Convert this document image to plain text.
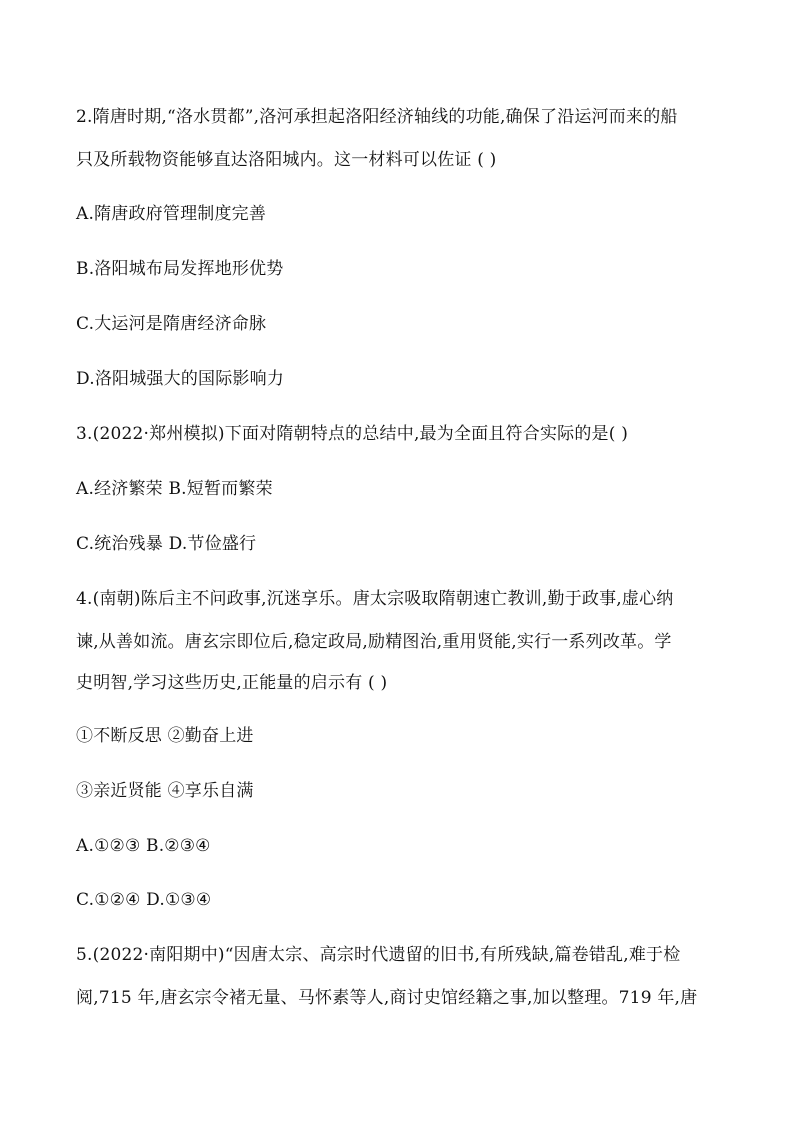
2.隋唐时期,“洛水贯都”,洛河承担起洛阳经济轴线的功能,确保了沿运河而来的船
只及所载物资能够直达洛阳城内。这一材料可以佐证 ( )
A.隋唐政府管理制度完善
B.洛阳城布局发挥地形优势
C.大运河是隋唐经济命脉
D.洛阳城强大的国际影响力
3.(2022·郑州模拟)下面对隋朝特点的总结中,最为全面且符合实际的是( )
A.经济繁荣 B.短暂而繁荣
C.统治残暴 D.节俭盛行
4.(南朝)陈后主不问政事,沉迷享乐。唐太宗吸取隋朝速亡教训,勤于政事,虚心纳
谏,从善如流。唐玄宗即位后,稳定政局,励精图治,重用贤能,实行一系列改革。学
史明智,学习这些历史,正能量的启示有 ( )
①不断反思 ②勤奋上进
③亲近贤能 ④享乐自满
A.①②③ B.②③④
C.①②④ D.①③④
5.(2022·南阳期中)“因唐太宗、高宗时代遗留的旧书,有所残缺,篇卷错乱,难于检
阅,715 年,唐玄宗令褚无量、马怀素等人,商讨史馆经籍之事,加以整理。719 年,唐
